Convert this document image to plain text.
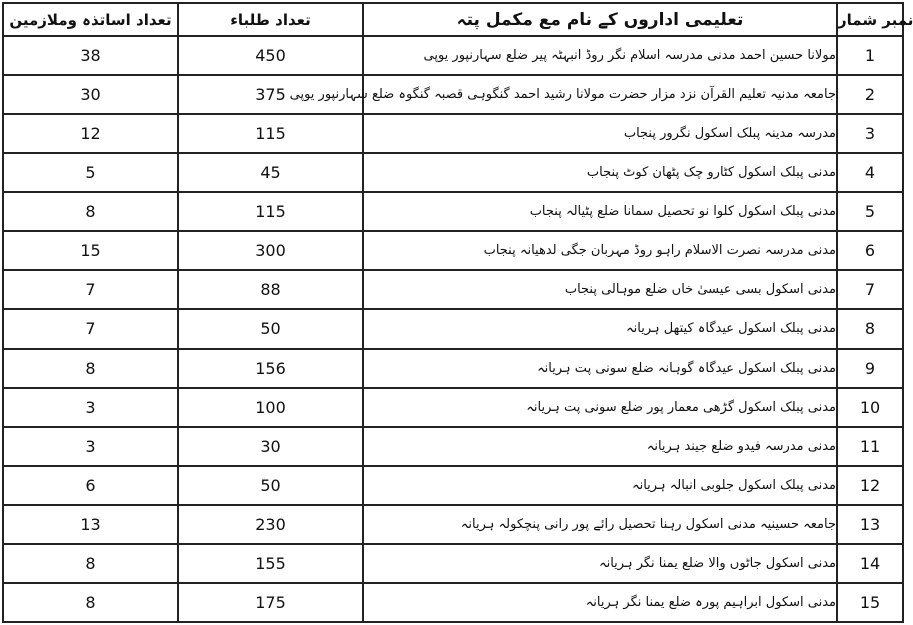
تعداد اساتذہ وملازمین	تعداد طلباء	تعلیمی اداروں کے نام مع مکمل پتہ	نمبر شمار
38	450	مولانا حسین احمد مدنی مدرسہ اسلام نگر روڈ انبہٹہ پیر ضلع سہارنپور یوپی	1
30	375	جامعہ مدنیہ تعلیم القرآن نزد مزار حضرت مولانا رشید احمد گنگوہی قصبہ گنگوہ ضلع سہارنپور یوپی	2
12	115	مدرسہ مدینہ پبلک اسکول نگرور پنجاب	3
5	45	مدنی پبلک اسکول کٹارو چک پٹھان کوٹ پنجاب	4
8	115	مدنی پبلک اسکول کلوا نو تحصیل سمانا ضلع پٹیالہ پنجاب	5
15	300	مدنی مدرسہ نصرت الاسلام راہو روڈ مہربان جگی لدھیانہ پنجاب	6
7	88	مدنی اسکول بسی عیسیٰ خاں ضلع موہالی پنجاب	7
7	50	مدنی پبلک اسکول عیدگاہ کیتھل ہریانہ	8
8	156	مدنی پبلک اسکول عیدگاہ گوہانہ ضلع سونی پت ہریانہ	9
3	100	مدنی پبلک اسکول گڑھی معمار پور ضلع سونی پت ہریانہ	10
3	30	مدنی مدرسہ فیدو ضلع جیند ہریانہ	11
6	50	مدنی پبلک اسکول جلوبی انبالہ ہریانہ	12
13	230	جامعہ حسینیہ مدنی اسکول رہنا تحصیل رائے پور رانی پنچکولہ ہریانہ	13
8	155	مدنی اسکول جاٹوں والا ضلع یمنا نگر ہریانہ	14
8	175	مدنی اسکول ابراہیم پورہ ضلع یمنا نگر ہریانہ	15
